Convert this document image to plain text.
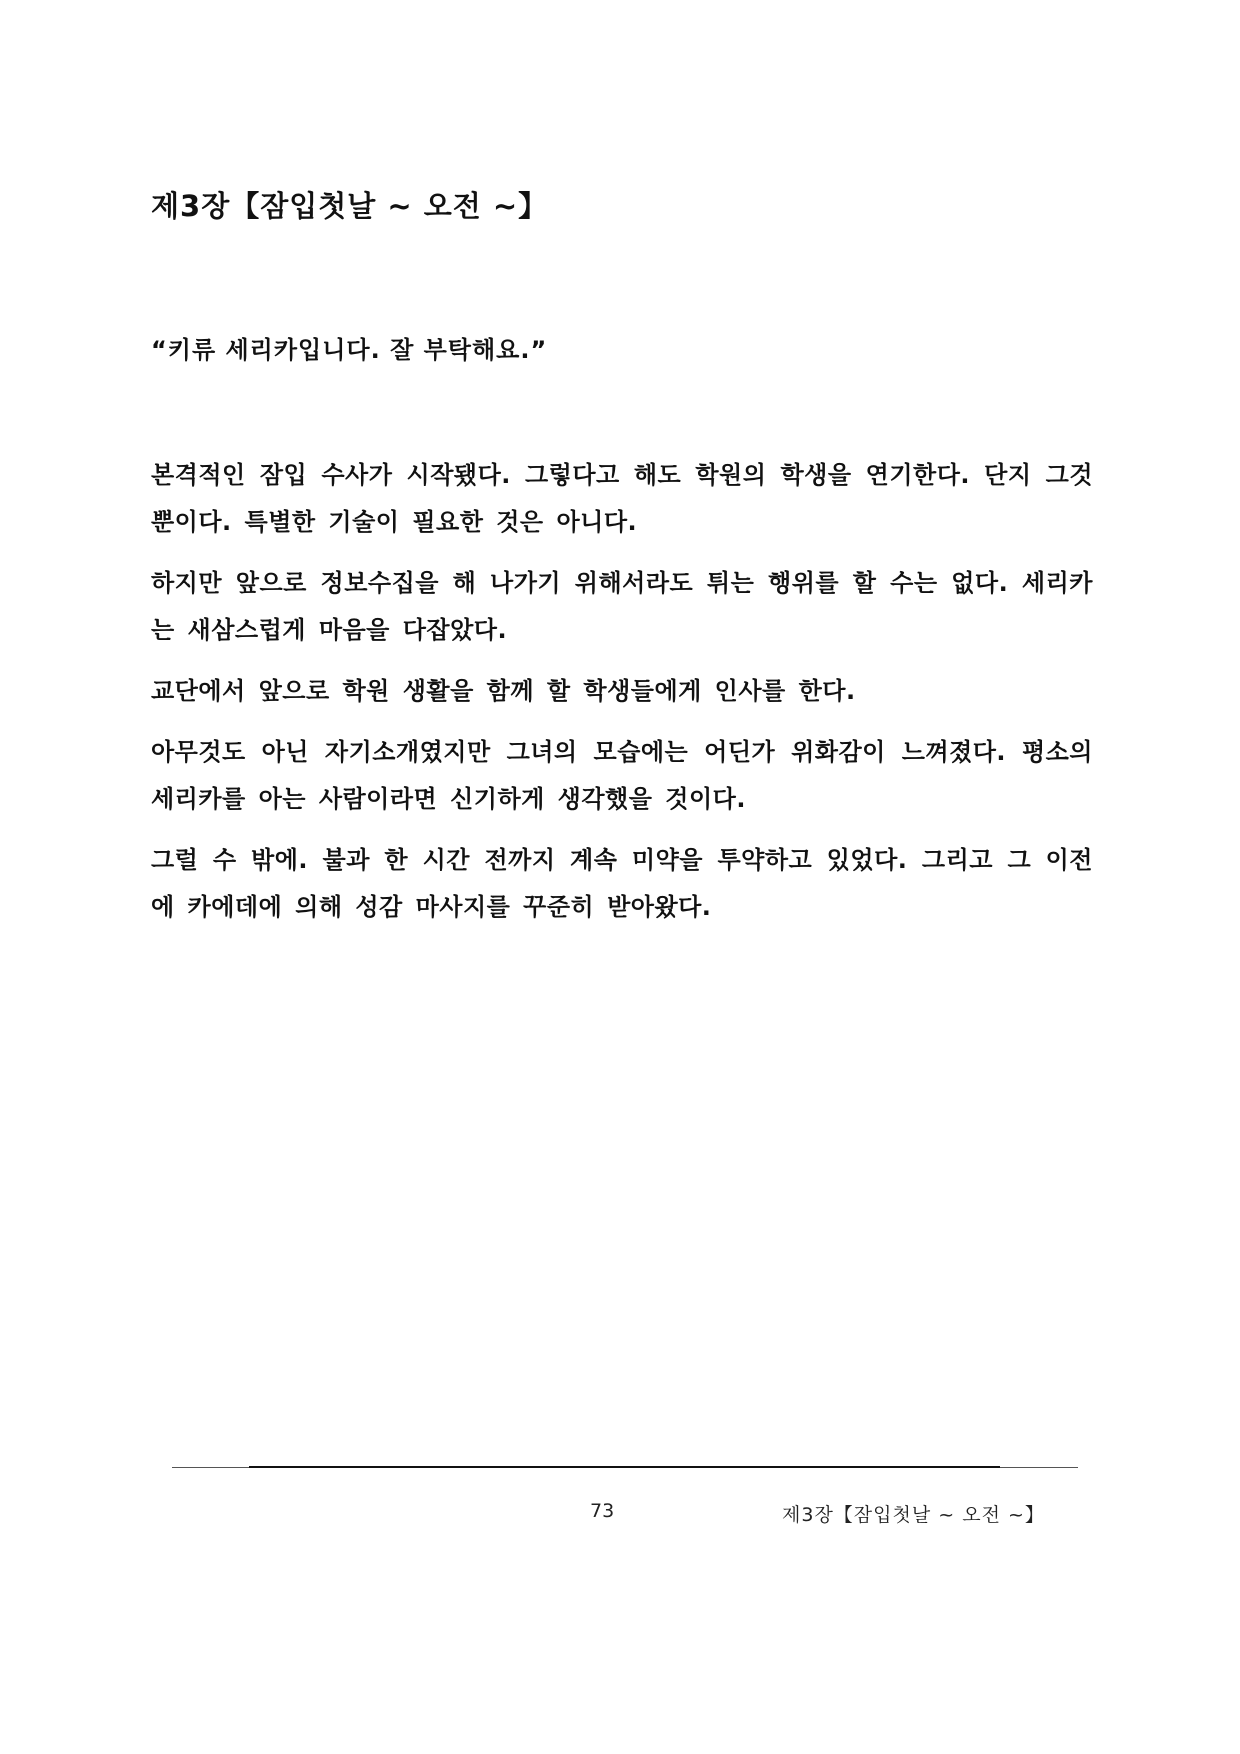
제3장【잠입첫날 ~ 오전 ~】
“키류 세리카입니다. 잘 부탁해요.”

본격적인 잠입 수사가 시작됐다. 그렇다고 해도 학원의 학생을 연기한다. 단지 그것 뿐이다. 특별한 기술이 필요한 것은 아니다.

하지만 앞으로 정보수집을 해 나가기 위해서라도 튀는 행위를 할 수는 없다. 세리카는 새삼스럽게 마음을 다잡았다.

교단에서 앞으로 학원 생활을 함께 할 학생들에게 인사를 한다.

아무것도 아닌 자기소개였지만 그녀의 모습에는 어딘가 위화감이 느껴졌다. 평소의 세리카를 아는 사람이라면 신기하게 생각했을 것이다.

그럴 수 밖에. 불과 한 시간 전까지 계속 미약을 투약하고 있었다. 그리고 그 이전에 카에데에 의해 성감 마사지를 꾸준히 받아왔다.

73	제3장【잠입첫날 ~ 오전 ~】
